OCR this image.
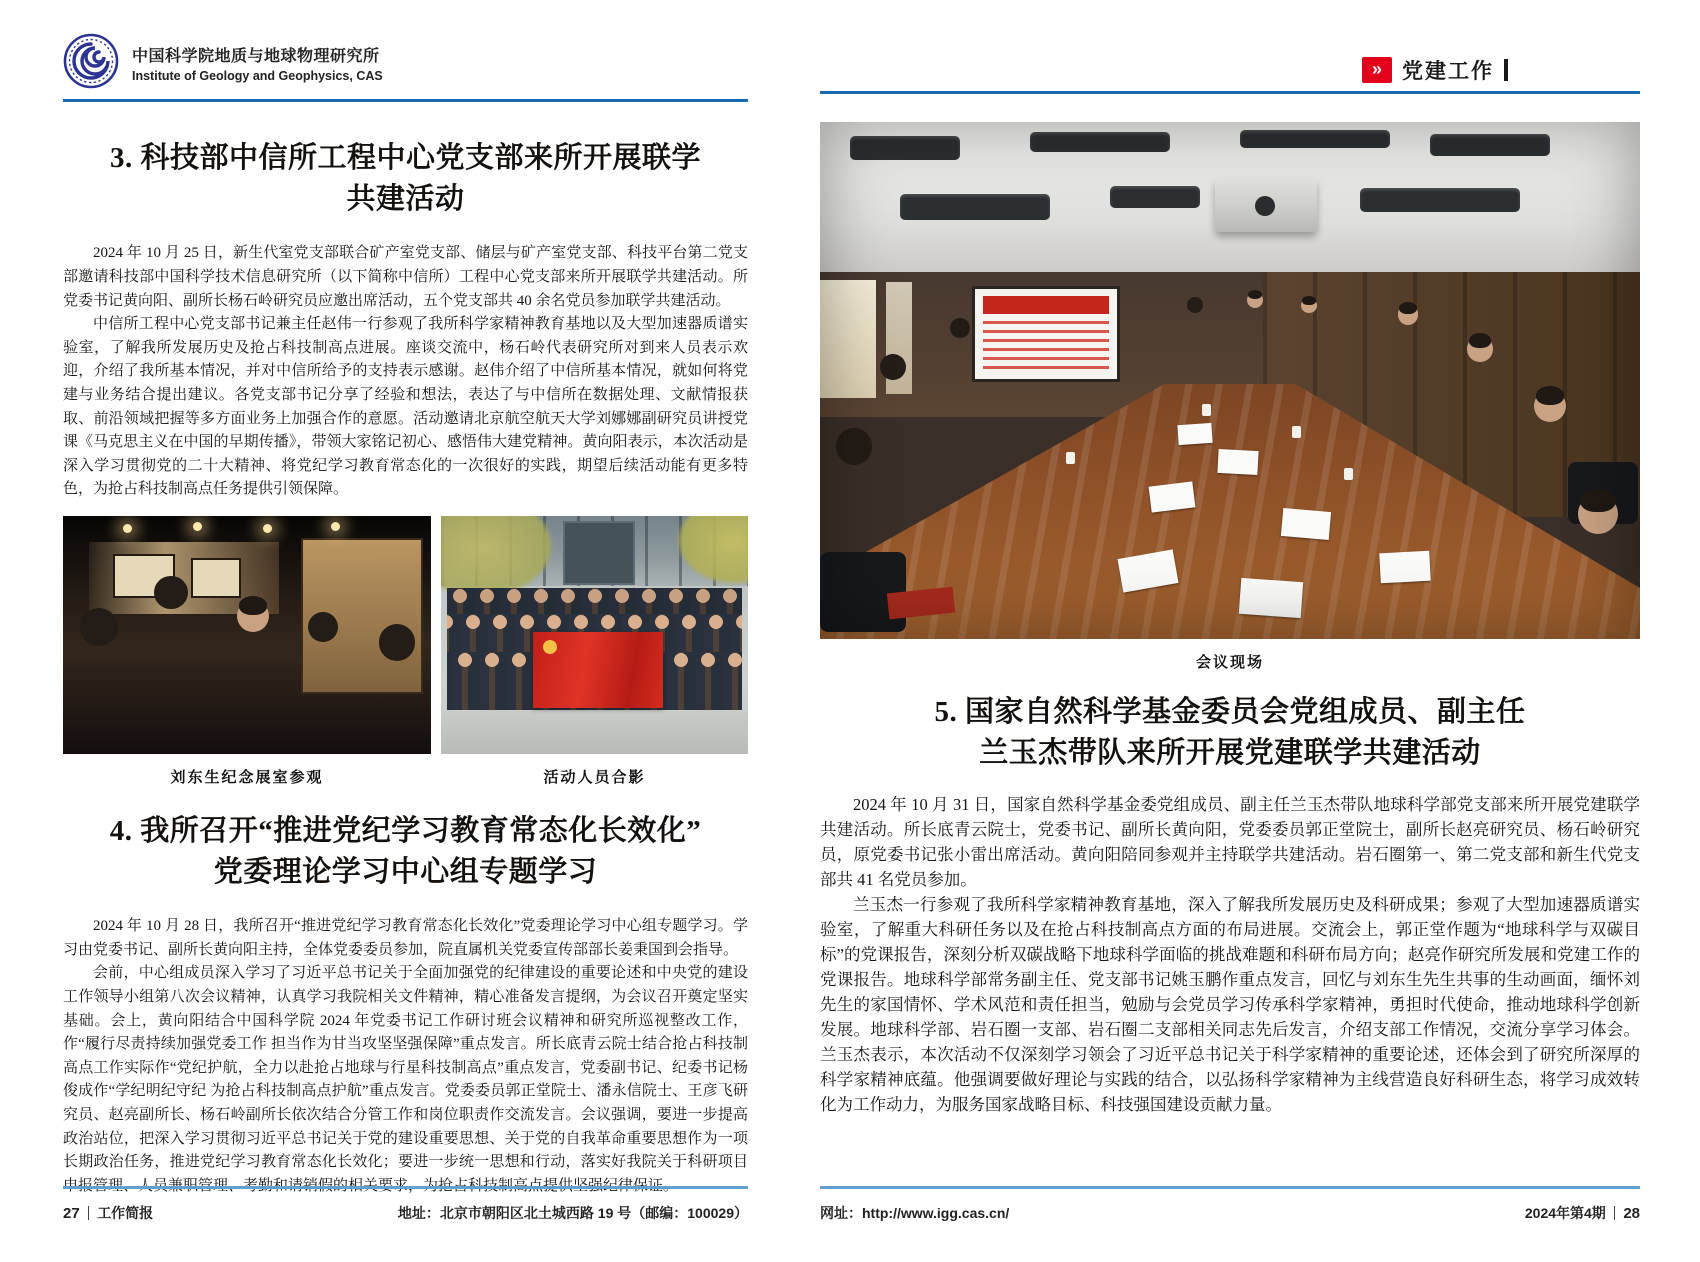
中国科学院地质与地球物理研究所
Institute of Geology and Geophysics, CAS
3. 科技部中信所工程中心党支部来所开展联学
共建活动

2024 年 10 月 25 日，新生代室党支部联合矿产室党支部、储层与矿产室党支部、科技平台第二党支部邀请科技部中国科学技术信息研究所（以下简称中信所）工程中心党支部来所开展联学共建活动。所党委书记黄向阳、副所长杨石岭研究员应邀出席活动，五个党支部共 40 余名党员参加联学共建活动。

中信所工程中心党支部书记兼主任赵伟一行参观了我所科学家精神教育基地以及大型加速器质谱实验室，了解我所发展历史及抢占科技制高点进展。座谈交流中，杨石岭代表研究所对到来人员表示欢迎，介绍了我所基本情况，并对中信所给予的支持表示感谢。赵伟介绍了中信所基本情况，就如何将党建与业务结合提出建议。各党支部书记分享了经验和想法，表达了与中信所在数据处理、文献情报获取、前沿领域把握等多方面业务上加强合作的意愿。活动邀请北京航空航天大学刘娜娜副研究员讲授党课《马克思主义在中国的早期传播》，带领大家铭记初心、感悟伟大建党精神。黄向阳表示，本次活动是深入学习贯彻党的二十大精神、将党纪学习教育常态化的一次很好的实践，期望后续活动能有更多特色，为抢占科技制高点任务提供引领保障。

刘东生纪念展室参观	活动人员合影
4. 我所召开“推进党纪学习教育常态化长效化”
党委理论学习中心组专题学习

2024 年 10 月 28 日，我所召开“推进党纪学习教育常态化长效化”党委理论学习中心组专题学习。学习由党委书记、副所长黄向阳主持，全体党委委员参加，院直属机关党委宣传部部长姜秉国到会指导。

会前，中心组成员深入学习了习近平总书记关于全面加强党的纪律建设的重要论述和中央党的建设工作领导小组第八次会议精神，认真学习我院相关文件精神，精心准备发言提纲，为会议召开奠定坚实基础。会上，黄向阳结合中国科学院 2024 年党委书记工作研讨班会议精神和研究所巡视整改工作，作“履行尽责持续加强党委工作 担当作为甘当攻坚坚强保障”重点发言。所长底青云院士结合抢占科技制高点工作实际作“党纪护航，全力以赴抢占地球与行星科技制高点”重点发言，党委副书记、纪委书记杨俊成作“学纪明纪守纪 为抢占科技制高点护航”重点发言。党委委员郭正堂院士、潘永信院士、王彦飞研究员、赵亮副所长、杨石岭副所长依次结合分管工作和岗位职责作交流发言。会议强调，要进一步提高政治站位，把深入学习贯彻习近平总书记关于党的建设重要思想、关于党的自我革命重要思想作为一项长期政治任务，推进党纪学习教育常态化长效化；要进一步统一思想和行动，落实好我院关于科研项目申报管理、人员兼职管理、考勤和请销假的相关要求，为抢占科技制高点提供坚强纪律保证。

» 党建工作
会议现场
5. 国家自然科学基金委员会党组成员、副主任
兰玉杰带队来所开展党建联学共建活动

2024 年 10 月 31 日，国家自然科学基金委党组成员、副主任兰玉杰带队地球科学部党支部来所开展党建联学共建活动。所长底青云院士，党委书记、副所长黄向阳，党委委员郭正堂院士，副所长赵亮研究员、杨石岭研究员，原党委书记张小雷出席活动。黄向阳陪同参观并主持联学共建活动。岩石圈第一、第二党支部和新生代党支部共 41 名党员参加。

兰玉杰一行参观了我所科学家精神教育基地，深入了解我所发展历史及科研成果；参观了大型加速器质谱实验室，了解重大科研任务以及在抢占科技制高点方面的布局进展。交流会上，郭正堂作题为“地球科学与双碳目标”的党课报告，深刻分析双碳战略下地球科学面临的挑战难题和科研布局方向；赵亮作研究所发展和党建工作的党课报告。地球科学部常务副主任、党支部书记姚玉鹏作重点发言，回忆与刘东生先生共事的生动画面，缅怀刘先生的家国情怀、学术风范和责任担当，勉励与会党员学习传承科学家精神，勇担时代使命，推动地球科学创新发展。地球科学部、岩石圈一支部、岩石圈二支部相关同志先后发言，介绍支部工作情况，交流分享学习体会。兰玉杰表示，本次活动不仅深刻学习领会了习近平总书记关于科学家精神的重要论述，还体会到了研究所深厚的科学家精神底蕴。他强调要做好理论与实践的结合，以弘扬科学家精神为主线营造良好科研生态，将学习成效转化为工作动力，为服务国家战略目标、科技强国建设贡献力量。

27 工作简报	地址：北京市朝阳区北土城西路 19 号（邮编：100029）	网址：http://www.igg.cas.cn/	2024年第4期 28
